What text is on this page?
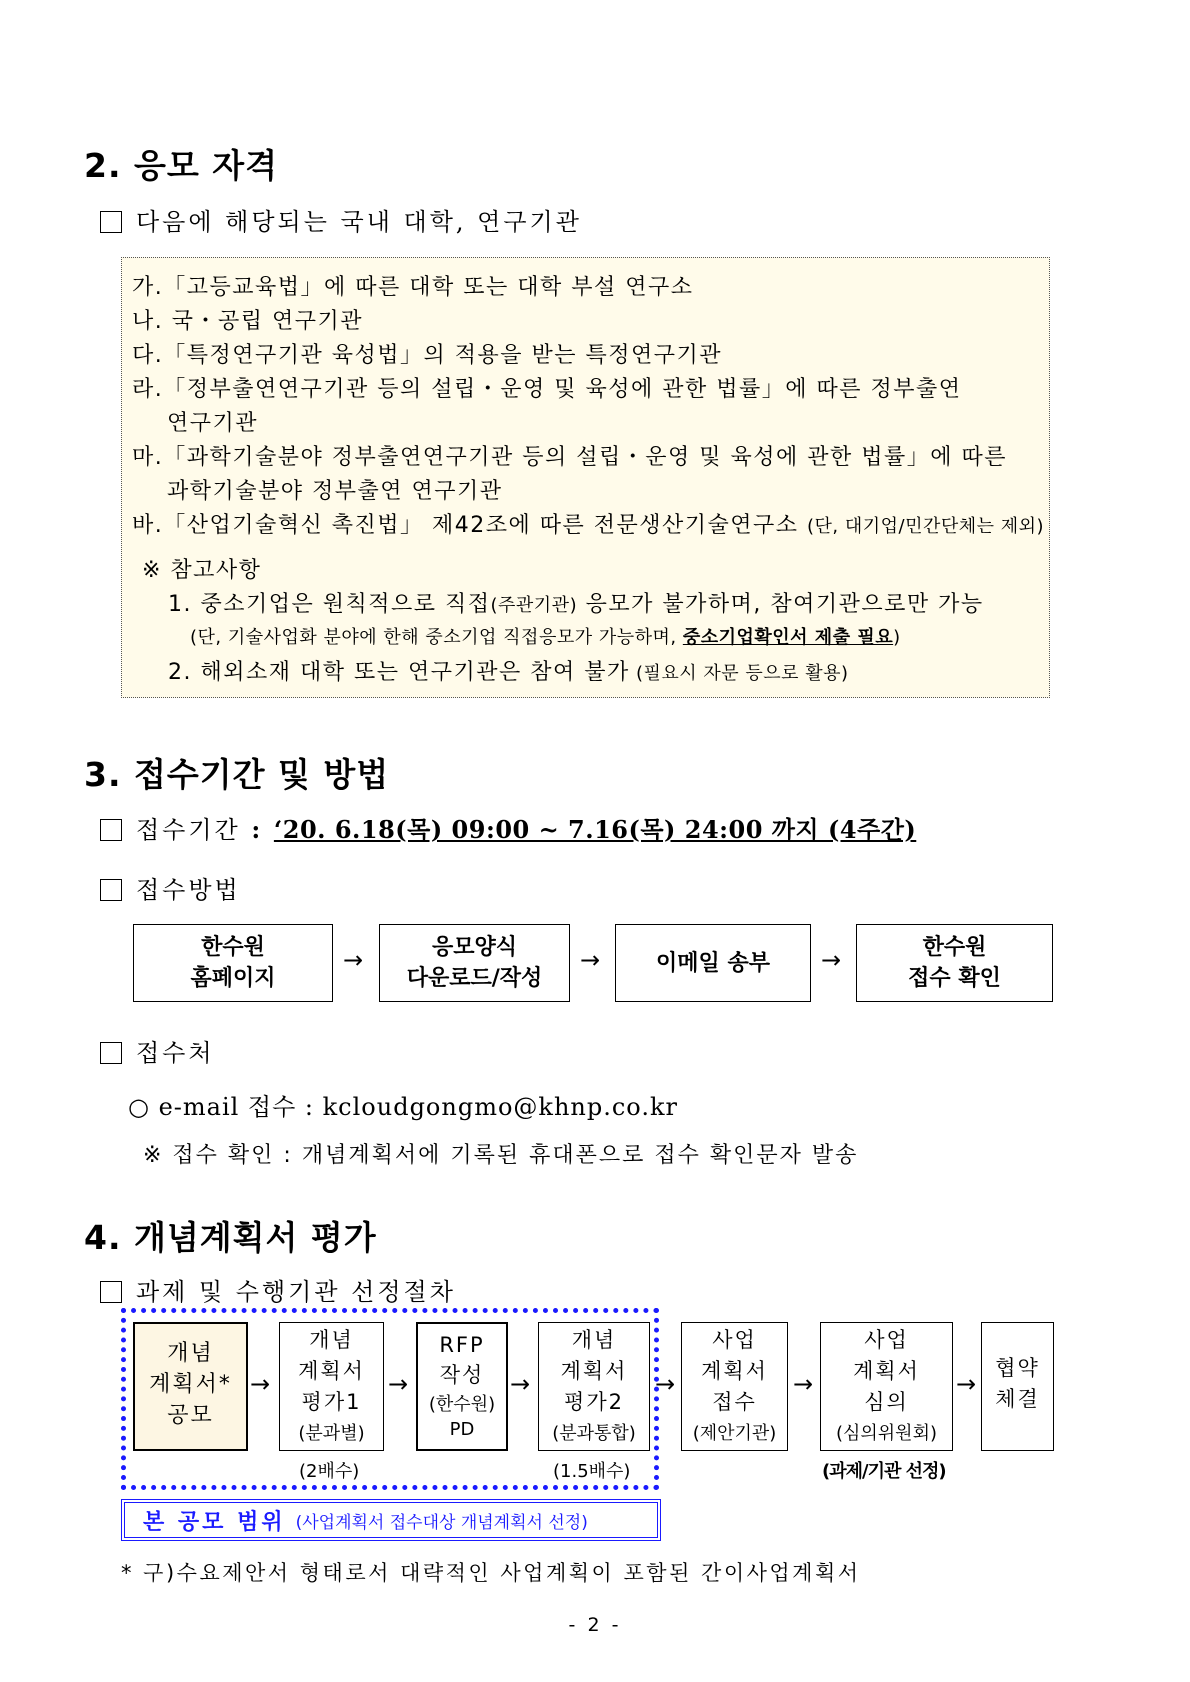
2. 응모 자격
다음에 해당되는 국내 대학, 연구기관
가.「고등교육법」에 따른 대학 또는 대학 부설 연구소
나. 국・공립 연구기관
다.「특정연구기관 육성법」의 적용을 받는 특정연구기관
라.「정부출연연구기관 등의 설립・운영 및 육성에 관한 법률」에 따른 정부출연
연구기관
마.「과학기술분야 정부출연연구기관 등의 설립・운영 및 육성에 관한 법률」에 따른
과학기술분야 정부출연 연구기관
바.「산업기술혁신 촉진법」 제42조에 따른 전문생산기술연구소 (단, 대기업/민간단체는 제외)
※ 참고사항
1. 중소기업은 원칙적으로 직접(주관기관) 응모가 불가하며, 참여기관으로만 가능
(단, 기술사업화 분야에 한해 중소기업 직접응모가 가능하며, 중소기업확인서 제출 필요)
2. 해외소재 대학 또는 연구기관은 참여 불가 (필요시 자문 등으로 활용)
3. 접수기간 및 방법
접수기간 : ‘20. 6.18(목) 09:00 ~ 7.16(목) 24:00 까지 (4주간)
접수방법
한수원
홈페이지
→	응모양식
다운로드/작성
→	이메일 송부	→	한수원
접수 확인
접수처
○ e-mail 접수 : kcloudgongmo@khnp.co.kr
※ 접수 확인 : 개념계획서에 기록된 휴대폰으로 접수 확인문자 발송
4. 개념계획서 평가
과제 및 수행기관 선정절차
개념
계획서*
공모
→
개념
계획서
평가1
(분과별)
→
RFP
작성
(한수원)
PD
→
개념
계획서
평가2
(분과통합)
→
사업
계획서
접수
(제안기관)
→
사업
계획서
심의
(심의위원회)
→
협약
체결
(2배수)	(1.5배수)	(과제/기관 선정)
본 공모 범위 (사업계획서 접수대상 개념계획서 선정)
* 구)수요제안서 형태로서 대략적인 사업계획이 포함된 간이사업계획서
- 2 -
